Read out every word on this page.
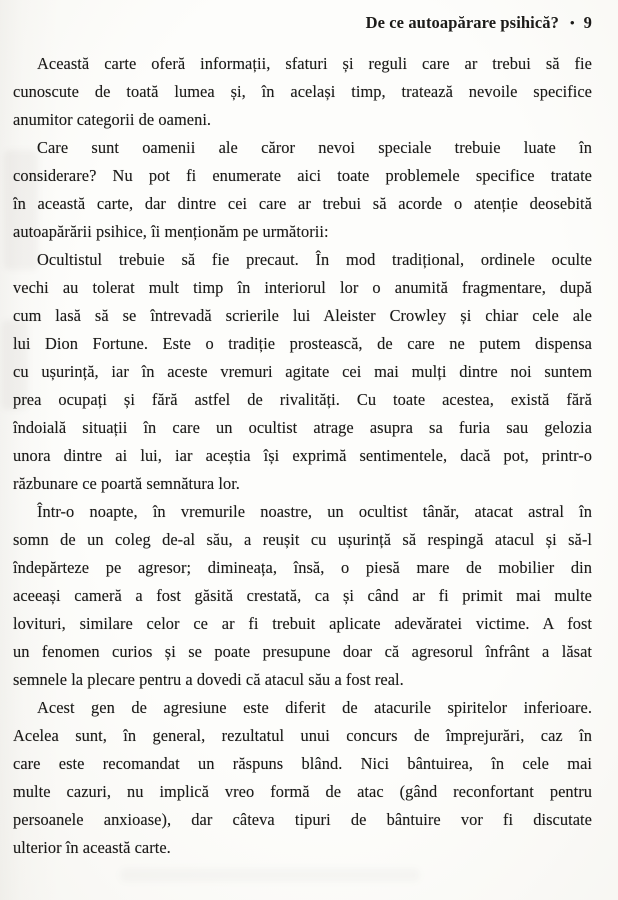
De ce autoapărare psihică? • 9
Această carte oferă informații, sfaturi și reguli care ar trebui să fie
cunoscute de toată lumea și, în același timp, tratează nevoile specifice
anumitor categorii de oameni.
Care sunt oamenii ale căror nevoi speciale trebuie luate în
considerare? Nu pot fi enumerate aici toate problemele specifice tratate
în această carte, dar dintre cei care ar trebui să acorde o atenție deosebită
autoapărării psihice, îi menționăm pe următorii:
Ocultistul trebuie să fie precaut. În mod tradițional, ordinele oculte
vechi au tolerat mult timp în interiorul lor o anumită fragmentare, după
cum lasă să se întrevadă scrierile lui Aleister Crowley și chiar cele ale
lui Dion Fortune. Este o tradiție prostească, de care ne putem dispensa
cu ușurință, iar în aceste vremuri agitate cei mai mulți dintre noi suntem
prea ocupați și fără astfel de rivalități. Cu toate acestea, există fără
îndoială situații în care un ocultist atrage asupra sa furia sau gelozia
unora dintre ai lui, iar aceștia își exprimă sentimentele, dacă pot, printr-o
răzbunare ce poartă semnătura lor.
Într-o noapte, în vremurile noastre, un ocultist tânăr, atacat astral în
somn de un coleg de-al său, a reușit cu ușurință să respingă atacul și să-l
îndepărteze pe agresor; dimineața, însă, o piesă mare de mobilier din
aceeași cameră a fost găsită crestată, ca și când ar fi primit mai multe
lovituri, similare celor ce ar fi trebuit aplicate adevăratei victime. A fost
un fenomen curios și se poate presupune doar că agresorul înfrânt a lăsat
semnele la plecare pentru a dovedi că atacul său a fost real.
Acest gen de agresiune este diferit de atacurile spiritelor inferioare.
Acelea sunt, în general, rezultatul unui concurs de împrejurări, caz în
care este recomandat un răspuns blând. Nici bântuirea, în cele mai
multe cazuri, nu implică vreo formă de atac (gând reconfortant pentru
persoanele anxioase), dar câteva tipuri de bântuire vor fi discutate
ulterior în această carte.
